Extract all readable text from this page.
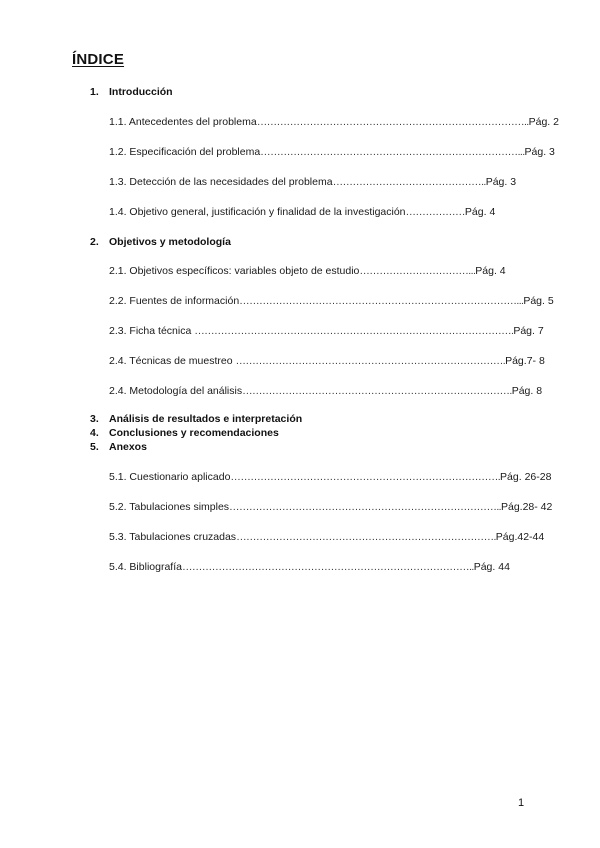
ÍNDICE
1. Introducción
1.1. Antecedentes del problema………………………………………………………………………..Pág. 2
1.2. Especificación del problema……………………………………………………………………...Pág. 3
1.3. Detección de las necesidades del problema………………………………………..Pág. 3
1.4. Objetivo general, justificación y finalidad de la investigación………………Pág. 4
2. Objetivos y metodología
2.1. Objetivos específicos: variables objeto de estudio……………………………...Pág. 4
2.2. Fuentes de información…………………………………………………………………………...Pág. 5
2.3. Ficha técnica …………………………………………………………………………………….Pág. 7
2.4. Técnicas de muestreo ……………………………………………………………………….Pág.7- 8
2.4. Metodología del análisis……………………………………………………………………….Pág. 8
3. Análisis de resultados e interpretación
4. Conclusiones y recomendaciones
5. Anexos
5.1. Cuestionario aplicado……………………………………………………………………….Pág. 26-28
5.2. Tabulaciones simples………………………………………………………………………..Pág.28- 42
5.3. Tabulaciones cruzadas…………………………………………………………………….Pág.42-44
5.4. Bibliografía……………………………………………………………………………..Pág. 44
1
